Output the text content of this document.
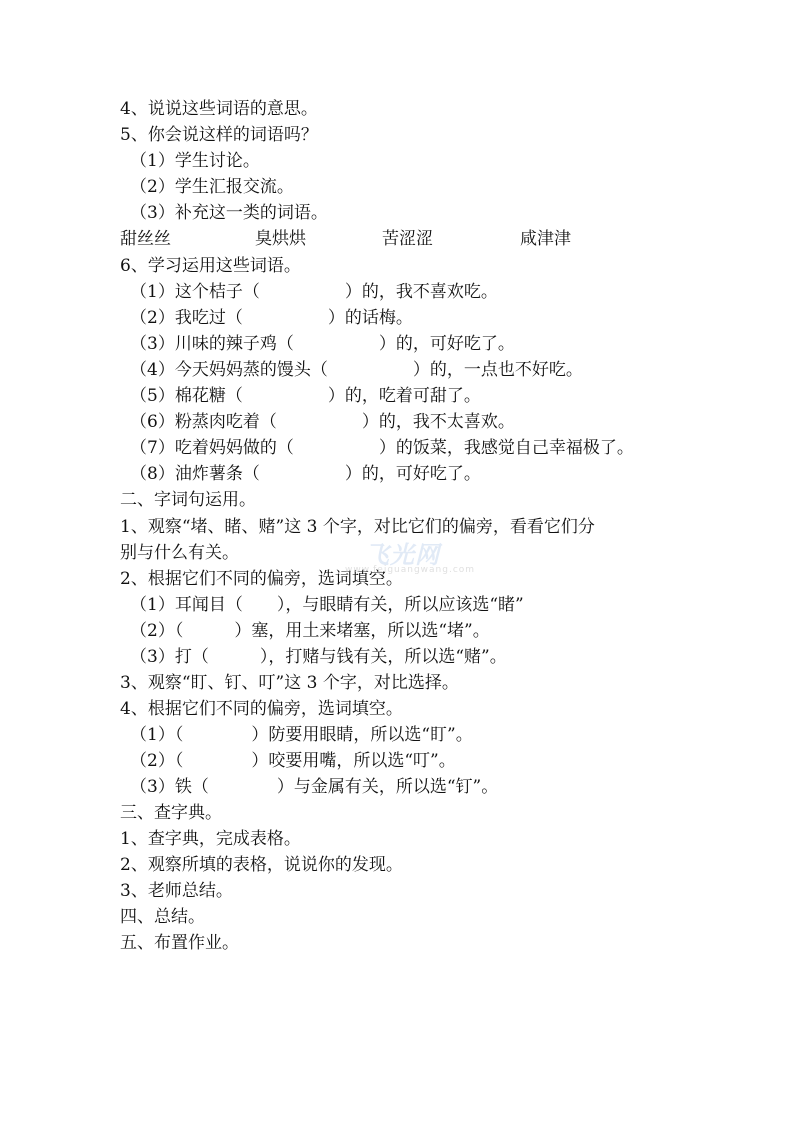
4、说说这些词语的意思。
5、你会说这样的词语吗？
（1）学生讨论。
（2）学生汇报交流。
（3）补充这一类的词语。
甜丝丝	臭烘烘	苦涩涩	咸津津
6、学习运用这些词语。
（1）这个桔子（　　　　　）的，我不喜欢吃。
（2）我吃过（　　　　　）的话梅。
（3）川味的辣子鸡（　　　　　）的，可好吃了。
（4）今天妈妈蒸的馒头（　　　　　）的，一点也不好吃。
（5）棉花糖（　　　　　）的，吃着可甜了。
（6）粉蒸肉吃着（　　　　　）的，我不太喜欢。
（7）吃着妈妈做的（　　　　　）的饭菜，我感觉自己幸福极了。
（8）油炸薯条（　　　　　）的，可好吃了。
二、字词句运用。
1、观察“堵、睹、赌”这 3 个字，对比它们的偏旁，看看它们分
别与什么有关。
2、根据它们不同的偏旁，选词填空。
（1）耳闻目（　　），与眼睛有关，所以应该选“睹”
（2）（　　　）塞，用土来堵塞，所以选“堵”。
（3）打（　　　），打赌与钱有关，所以选“赌”。
3、观察“盯、钉、叮”这 3 个字，对比选择。
4、根据它们不同的偏旁，选词填空。
（1）（　　　　）防要用眼睛，所以选“盯”。
（2）（　　　　）咬要用嘴，所以选“叮”。
（3）铁（　　　　）与金属有关，所以选“钉”。
三、查字典。
1、查字典，完成表格。
2、观察所填的表格，说说你的发现。
3、老师总结。
四、总结。
五、布置作业。
飞光网
www.feiguangwang.com
